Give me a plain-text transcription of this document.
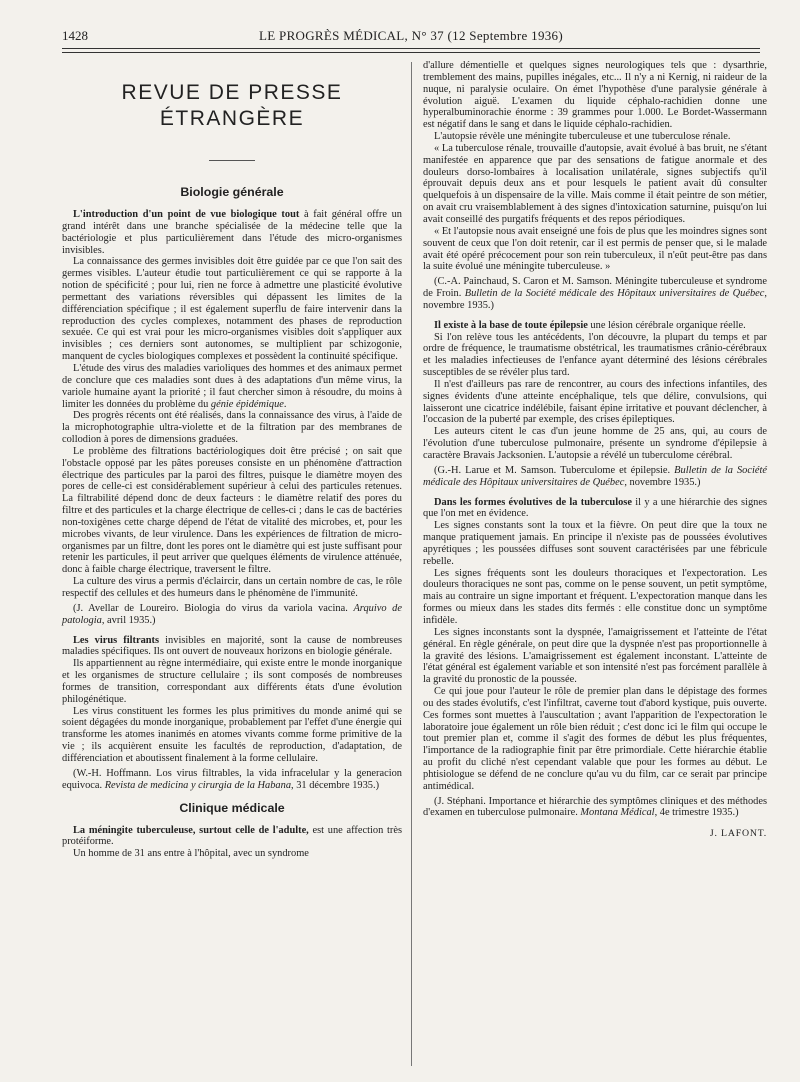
1428	LE PROGRÈS MÉDICAL, N° 37 (12 Septembre 1936)
REVUE DE PRESSE ÉTRANGÈRE
Biologie générale

L'introduction d'un point de vue biologique tout à fait général offre un grand intérêt dans une branche spécialisée de la médecine telle que la bactériologie et plus particulièrement dans l'étude des micro-organismes invisibles.

La connaissance des germes invisibles doit être guidée par ce que l'on sait des germes visibles. L'auteur étudie tout particulièrement ce qui se rapporte à la notion de spécificité ; pour lui, rien ne force à admettre une plasticité évolutive permettant des variations réversibles qui dépassent les limites de la différenciation spécifique ; il est également superflu de faire intervenir dans la reproduction des cycles complexes, notamment des phases de reproduction sexuée. Ce qui est vrai pour les micro-organismes visibles doit s'appliquer aux invisibles ; ces derniers sont autonomes, se multiplient par schizogonie, manquent de cycles biologiques complexes et possèdent la continuité spécifique.

L'étude des virus des maladies varioliques des hommes et des animaux permet de conclure que ces maladies sont dues à des adaptations d'un même virus, la variole humaine ayant la priorité ; il faut chercher simon à résoudre, du moins à limiter les données du problème du génie épidémique.

Des progrès récents ont été réalisés, dans la connaissance des virus, à l'aide de la microphotographie ultra-violette et de la filtration par des membranes de collodion à pores de dimensions graduées.

Le problème des filtrations bactériologiques doit être précisé ; on sait que l'obstacle opposé par les pâtes poreuses consiste en un phénomène d'attraction électrique des particules par la paroi des filtres, puisque le diamètre moyen des pores de celle-ci est considérablement supérieur à celui des particules retenues. La filtrabilité dépend donc de deux facteurs : le diamètre relatif des pores du filtre et des particules et la charge électrique de celles-ci ; dans le cas de bactéries non-toxigènes cette charge dépend de l'état de vitalité des microbes, et, pour les microbes vivants, de leur virulence. Dans les expériences de filtration de micro-organismes par un filtre, dont les pores ont le diamètre qui est juste suffisant pour retenir les particules, il peut arriver que quelques éléments de virulence atténuée, donc à faible charge électrique, traversent le filtre.

La culture des virus a permis d'éclaircir, dans un certain nombre de cas, le rôle respectif des cellules et des humeurs dans le phénomène de l'immunité.

(J. Avellar de Loureiro. Biologia do virus da variola vacina. Arquivo de patologia, avril 1935.)

Les virus filtrants invisibles en majorité, sont la cause de nombreuses maladies spécifiques. Ils ont ouvert de nouveaux horizons en biologie générale.

Ils appartiennent au règne intermédiaire, qui existe entre le monde inorganique et les organismes de structure cellulaire ; ils sont composés de nombreuses formes de transition, correspondant aux différents états d'une évolution philogénétique.

Les virus constituent les formes les plus primitives du monde animé qui se soient dégagées du monde inorganique, probablement par l'effet d'une énergie qui transforme les atomes inanimés en atomes vivants comme forme primitive de la vie ; ils acquièrent ensuite les facultés de reproduction, d'adaptation, de différenciation et aboutissent finalement à la forme cellulaire.

(W.-H. Hoffmann. Los virus filtrables, la vida infracelular y la generacion equivoca. Revista de medicina y cirurgia de la Habana, 31 décembre 1935.)

Clinique médicale

La méningite tuberculeuse, surtout celle de l'adulte, est une affection très protéiforme.

Un homme de 31 ans entre à l'hôpital, avec un syndrome

d'allure démentielle et quelques signes neurologiques tels que : dysarthrie, tremblement des mains, pupilles inégales, etc... Il n'y a ni Kernig, ni raideur de la nuque, ni paralysie oculaire. On émet l'hypothèse d'une paralysie générale à évolution aiguë. L'examen du liquide céphalo-rachidien donne une hyperalbuminorachie énorme : 39 grammes pour 1.000. Le Bordet-Wassermann est négatif dans le sang et dans le liquide céphalo-rachidien.

L'autopsie révèle une méningite tuberculeuse et une tuberculose rénale.

« La tuberculose rénale, trouvaille d'autopsie, avait évolué à bas bruit, ne s'étant manifestée en apparence que par des sensations de fatigue anormale et des douleurs dorso-lombaires à localisation unilatérale, signes subjectifs qu'il éprouvait depuis deux ans et pour lesquels le patient avait dû consulter quelquefois à un dispensaire de la ville. Mais comme il était peintre de son métier, on avait cru vraisemblablement à des signes d'intoxication saturnine, puisqu'on lui avait conseillé des purgatifs fréquents et des repos périodiques.

« Et l'autopsie nous avait enseigné une fois de plus que les moindres signes sont souvent de ceux que l'on doit retenir, car il est permis de penser que, si le malade avait été opéré précocement pour son rein tuberculeux, il n'eût peut-être pas dans la suite évolué une méningite tuberculeuse. »

(C.-A. Painchaud, S. Caron et M. Samson. Méningite tuberculeuse et syndrome de Froin. Bulletin de la Société médicale des Hôpitaux universitaires de Québec, novembre 1935.)

Il existe à la base de toute épilepsie une lésion cérébrale organique réelle.

Si l'on relève tous les antécédents, l'on découvre, la plupart du temps et par ordre de fréquence, le traumatisme obstétrical, les traumatismes crânio-cérébraux et les maladies infectieuses de l'enfance ayant déterminé des lésions cérébrales susceptibles de se révéler plus tard.

Il n'est d'ailleurs pas rare de rencontrer, au cours des infections infantiles, des signes évidents d'une atteinte encéphalique, tels que délire, convulsions, qui laisseront une cicatrice indélébile, faisant épine irritative et pouvant déclencher, à l'occasion de la puberté par exemple, des crises épileptiques.

Les auteurs citent le cas d'un jeune homme de 25 ans, qui, au cours de l'évolution d'une tuberculose pulmonaire, présente un syndrome d'épilepsie à caractère Bravais Jacksonien. L'autopsie a révélé un tuberculome cérébral.

(G.-H. Larue et M. Samson. Tuberculome et épilepsie. Bulletin de la Société médicale des Hôpitaux universitaires de Québec, novembre 1935.)

Dans les formes évolutives de la tuberculose il y a une hiérarchie des signes que l'on met en évidence.

Les signes constants sont la toux et la fièvre. On peut dire que la toux ne manque pratiquement jamais. En principe il n'existe pas de poussées évolutives apyrétiques ; les poussées diffuses sont souvent caractérisées par une fébricule rebelle.

Les signes fréquents sont les douleurs thoraciques et l'expectoration. Les douleurs thoraciques ne sont pas, comme on le pense souvent, un petit symptôme, mais au contraire un signe important et fréquent. L'expectoration manque dans les formes ou mieux dans les stades dits fermés : elle constitue donc un symptôme infidèle.

Les signes inconstants sont la dyspnée, l'amaigrissement et l'atteinte de l'état général. En règle générale, on peut dire que la dyspnée n'est pas proportionnelle à la gravité des lésions. L'amaigrissement est également inconstant. L'atteinte de l'état général est également variable et son intensité n'est pas forcément parallèle à la gravité du pronostic de la poussée.

Ce qui joue pour l'auteur le rôle de premier plan dans le dépistage des formes ou des stades évolutifs, c'est l'infiltrat, caverne tout d'abord kystique, puis ouverte. Ces formes sont muettes à l'auscultation ; avant l'apparition de l'expectoration le laboratoire joue également un rôle bien réduit ; c'est donc ici le film qui occupe le tout premier plan et, comme il s'agit des formes de début les plus fréquentes, l'importance de la radiographie finit par être primordiale. Cette hiérarchie établie au profit du cliché n'est cependant valable que pour les formes au début. Le phtisiologue se défend de ne conclure qu'au vu du film, car ce serait par principe antimédical.

(J. Stéphani. Importance et hiérarchie des symptômes cliniques et des méthodes d'examen en tuberculose pulmonaire. Montana Médical, 4e trimestre 1935.)

J. LAFONT.
